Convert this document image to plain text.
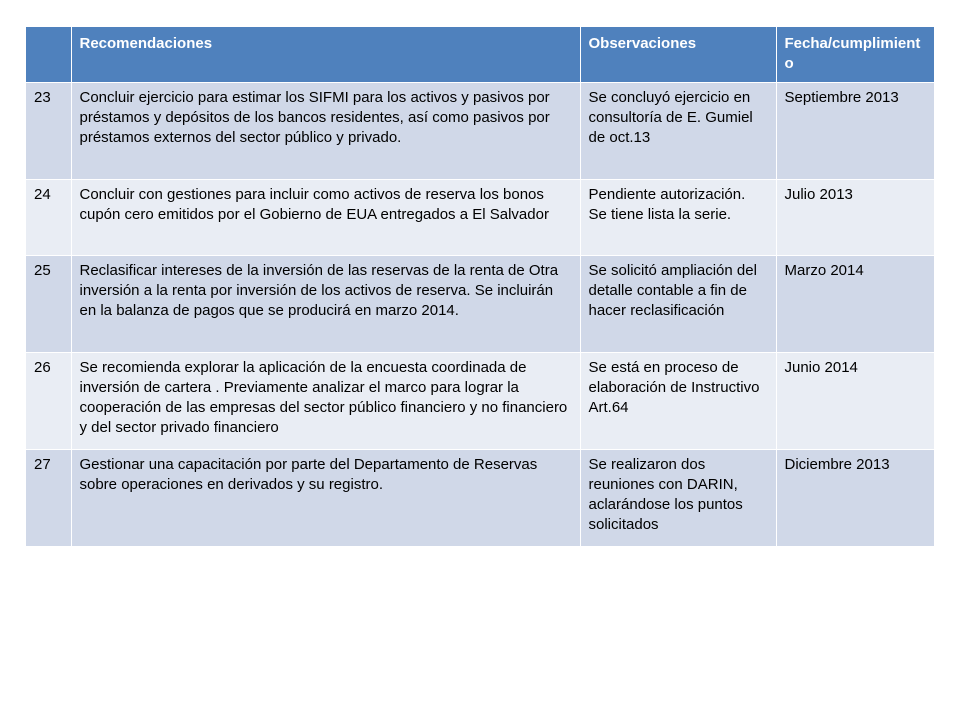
	Recomendaciones	Observaciones	Fecha/cumplimiento
23	Concluir ejercicio para estimar los SIFMI para los activos y pasivos por préstamos y depósitos de los bancos residentes, así como pasivos por préstamos externos del sector público y privado.	Se concluyó ejercicio en consultoría de E. Gumiel de oct.13	Septiembre 2013
24	Concluir con gestiones para incluir como activos de reserva los bonos cupón cero emitidos por el Gobierno de EUA entregados a El Salvador	Pendiente autorización. Se tiene lista la serie.	Julio 2013
25	Reclasificar intereses de la inversión de las reservas de la renta de Otra inversión a la renta por inversión de los activos de reserva. Se incluirán en la balanza de pagos que se producirá en marzo 2014.	Se solicitó ampliación del detalle contable a fin de hacer reclasificación	Marzo 2014
26	Se recomienda explorar la aplicación de la encuesta coordinada de inversión de cartera . Previamente analizar el marco para lograr la cooperación de las empresas del sector público financiero y no financiero y del sector privado financiero	Se está en proceso de elaboración de Instructivo Art.64	Junio 2014
27	Gestionar una capacitación por parte del Departamento de Reservas sobre operaciones en derivados y su registro.	Se realizaron dos reuniones con DARIN, aclarándose los puntos solicitados	Diciembre 2013
